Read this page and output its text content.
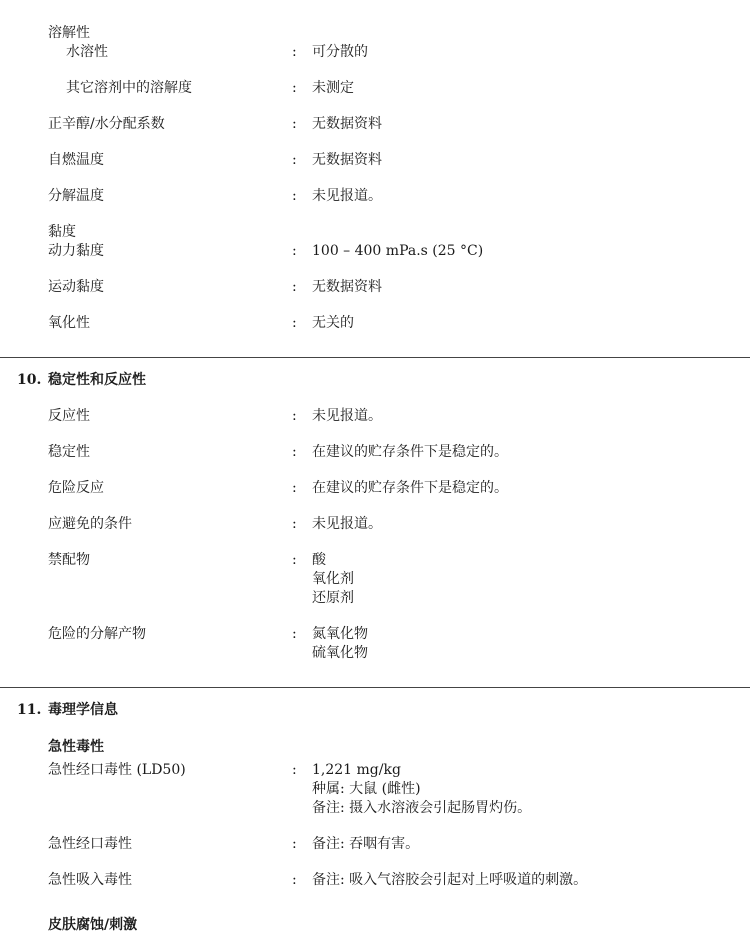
溶解性
水溶性	: 可分散的
其它溶剂中的溶解度	: 未测定
正辛醇/水分配系数	: 无数据资料
自燃温度	: 无数据资料
分解温度	: 未见报道。
黏度
动力黏度	: 100 – 400 mPa.s (25 °C)
运动黏度	: 无数据资料
氧化性	: 无关的
10. 稳定性和反应性
反应性	: 未见报道。
稳定性	: 在建议的贮存条件下是稳定的。
危险反应	: 在建议的贮存条件下是稳定的。
应避免的条件	: 未见报道。
禁配物	: 酸
氧化剂
还原剂
危险的分解产物	: 氮氧化物
硫氧化物
11. 毒理学信息
急性毒性
急性经口毒性 (LD50)	: 1,221 mg/kg
种属: 大鼠 (雌性)
备注: 摄入水溶液会引起肠胃灼伤。
急性经口毒性	: 备注: 吞咽有害。
急性吸入毒性	: 备注: 吸入气溶胶会引起对上呼吸道的刺激。
皮肤腐蚀/刺激
